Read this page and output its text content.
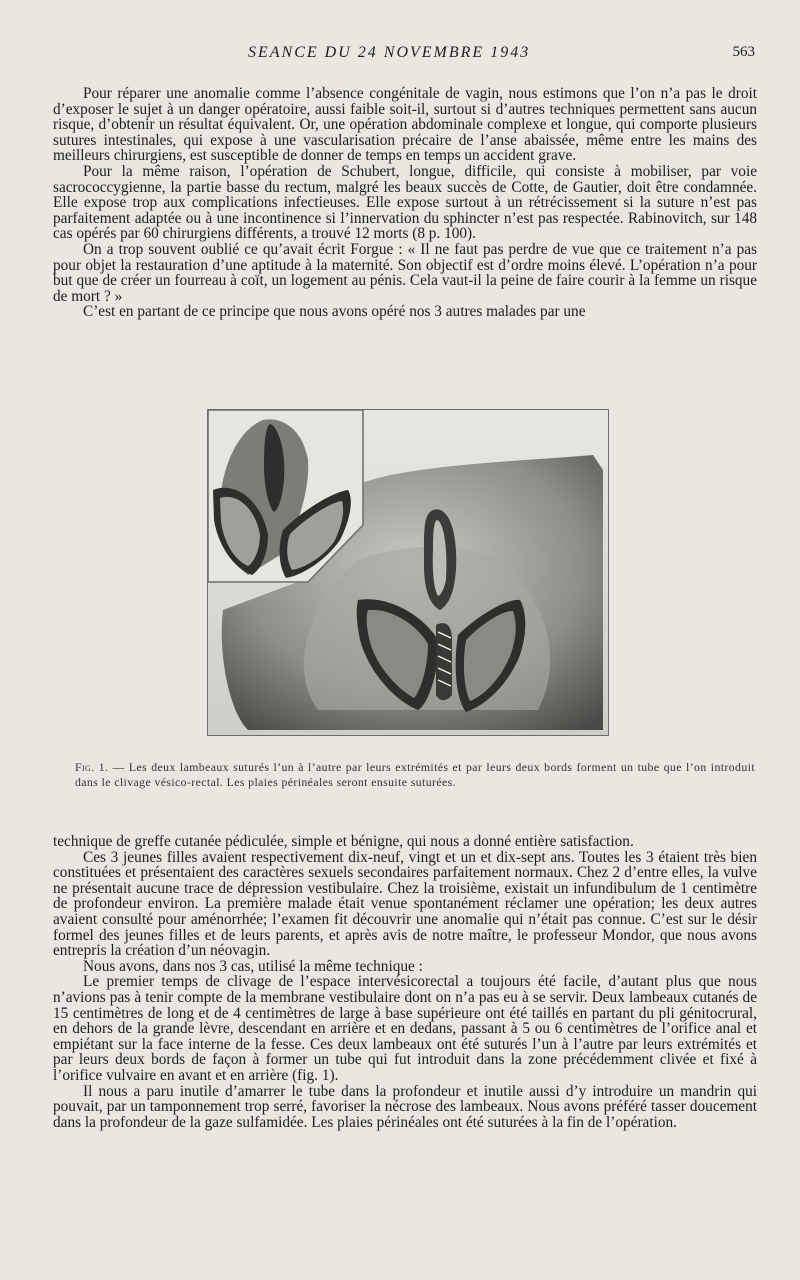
SEANCE DU 24 NOVEMBRE 1943	563

Pour réparer une anomalie comme l’absence congénitale de vagin, nous estimons que l’on n’a pas le droit d’exposer le sujet à un danger opératoire, aussi faible soit-il, surtout si d’autres techniques permettent sans aucun risque, d’obtenir un résultat équivalent. Or, une opération abdominale complexe et longue, qui comporte plusieurs sutures intestinales, qui expose à une vascularisation précaire de l’anse abaissée, même entre les mains des meilleurs chirurgiens, est susceptible de donner de temps en temps un accident grave.

Pour la même raison, l’opération de Schubert, longue, difficile, qui consiste à mobiliser, par voie sacrococcygienne, la partie basse du rectum, malgré les beaux succès de Cotte, de Gautier, doit être condamnée. Elle expose trop aux complications infectieuses. Elle expose surtout à un rétrécissement si la suture n’est pas parfaitement adaptée ou à une incontinence si l’innervation du sphincter n’est pas respectée. Rabinovitch, sur 148 cas opérés par 60 chirurgiens différents, a trouvé 12 morts (8 p. 100).

On a trop souvent oublié ce qu’avait écrit Forgue : « Il ne faut pas perdre de vue que ce traitement n’a pas pour objet la restauration d’une aptitude à la maternité. Son objectif est d’ordre moins élevé. L’opération n’a pour but que de créer un fourreau à coït, un logement au pénis. Cela vaut-il la peine de faire courir à la femme un risque de mort ? »

C’est en partant de ce principe que nous avons opéré nos 3 autres malades par une

Fig. 1. — Les deux lambeaux suturés l’un à l’autre par leurs extrémités et par leurs deux bords forment un tube que l’on introduit dans le clivage vésico-rectal. Les plaies périnéales seront ensuite suturées.

technique de greffe cutanée pédiculée, simple et bénigne, qui nous a donné entière satisfaction.

Ces 3 jeunes filles avaient respectivement dix-neuf, vingt et un et dix-sept ans. Toutes les 3 étaient très bien constituées et présentaient des caractères sexuels secondaires parfaitement normaux. Chez 2 d’entre elles, la vulve ne présentait aucune trace de dépression vestibulaire. Chez la troisième, existait un infundibulum de 1 centimètre de profondeur environ. La première malade était venue spontanément réclamer une opération; les deux autres avaient consulté pour aménorrhée; l’examen fit découvrir une anomalie qui n’était pas connue. C’est sur le désir formel des jeunes filles et de leurs parents, et après avis de notre maître, le professeur Mondor, que nous avons entrepris la création d’un néovagin.

Nous avons, dans nos 3 cas, utilisé la même technique :

Le premier temps de clivage de l’espace intervésicorectal a toujours été facile, d’autant plus que nous n’avions pas à tenir compte de la membrane vestibulaire dont on n’a pas eu à se servir. Deux lambeaux cutanés de 15 centimètres de long et de 4 centimètres de large à base supérieure ont été taillés en partant du pli génitocrural, en dehors de la grande lèvre, descendant en arrière et en dedans, passant à 5 ou 6 centimètres de l’orifice anal et empiétant sur la face interne de la fesse. Ces deux lambeaux ont été suturés l’un à l’autre par leurs extrémités et par leurs deux bords de façon à former un tube qui fut introduit dans la zone précédemment clivée et fixé à l’orifice vulvaire en avant et en arrière (fig. 1).

Il nous a paru inutile d’amarrer le tube dans la profondeur et inutile aussi d’y introduire un mandrin qui pouvait, par un tamponnement trop serré, favoriser la nécrose des lambeaux. Nous avons préféré tasser doucement dans la profondeur de la gaze sulfamidée. Les plaies périnéales ont été suturées à la fin de l’opération.
